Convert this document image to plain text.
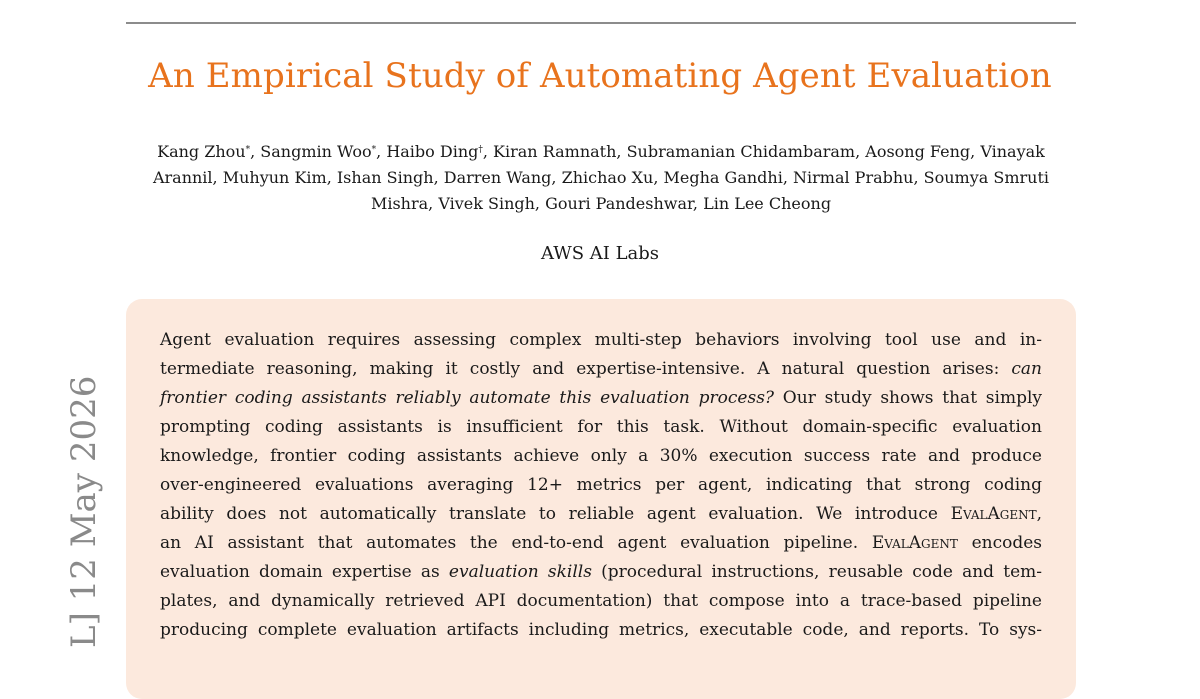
An Empirical Study of Automating Agent Evaluation
Kang Zhou*, Sangmin Woo*, Haibo Ding†, Kiran Ramnath, Subramanian Chidambaram, Aosong Feng, Vinayak Arannil, Muhyun Kim, Ishan Singh, Darren Wang, Zhichao Xu, Megha Gandhi, Nirmal Prabhu, Soumya Smruti Mishra, Vivek Singh, Gouri Pandeshwar, Lin Lee Cheong
AWS AI Labs
Agent evaluation requires assessing complex multi-step behaviors involving tool use and in-
termediate reasoning, making it costly and expertise-intensive. A natural question arises: can
frontier coding assistants reliably automate this evaluation process? Our study shows that simply
prompting coding assistants is insufficient for this task. Without domain-specific evaluation
knowledge, frontier coding assistants achieve only a 30% execution success rate and produce
over-engineered evaluations averaging 12+ metrics per agent, indicating that strong coding
ability does not automatically translate to reliable agent evaluation. We introduce EvalAgent,
an AI assistant that automates the end-to-end agent evaluation pipeline. EvalAgent encodes
evaluation domain expertise as evaluation skills (procedural instructions, reusable code and tem-
plates, and dynamically retrieved API documentation) that compose into a trace-based pipeline
producing complete evaluation artifacts including metrics, executable code, and reports. To sys-
L] 12 May 2026
